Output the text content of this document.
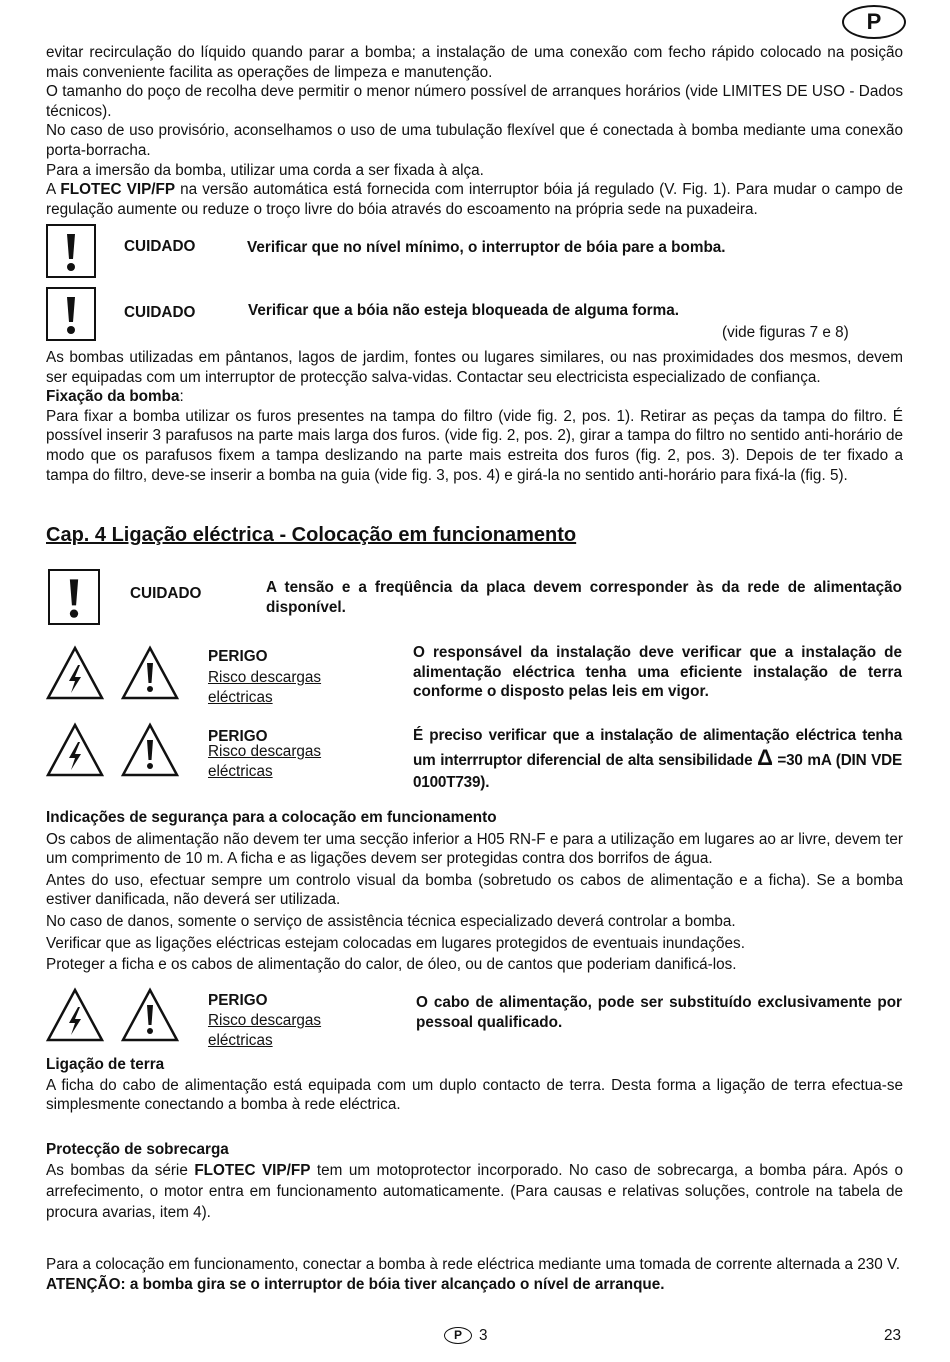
P

evitar recirculação do líquido quando parar a bomba; a instalação de uma conexão com fecho rápido colocado na posição mais conveniente facilita as operações de limpeza e manutenção.

O tamanho do poço de recolha deve permitir o menor número possível de arranques horários (vide LIMITES DE USO - Dados técnicos).

No caso de uso provisório, aconselhamos o uso de uma tubulação flexível que é conectada à bomba mediante uma conexão porta-borracha.

Para a imersão da bomba, utilizar uma corda a ser fixada à alça.

A FLOTEC VIP/FP na versão automática está fornecida com interruptor bóia já regulado (V. Fig. 1). Para mudar o campo de regulação aumente ou reduze o troço livre do bóia através do escoamento na própria sede na puxadeira.

CUIDADO	Verificar que no nível mínimo, o interruptor de bóia pare a bomba.
CUIDADO	Verificar que a bóia não esteja bloqueada de alguma forma.
(vide figuras 7 e 8)

As bombas utilizadas em pântanos, lagos de jardim, fontes ou lugares similares, ou nas proximidades dos mesmos, devem ser equipadas com um interruptor de protecção salva-vidas. Contactar seu electricista especializado de confiança.

Fixação da bomba:

Para fixar a bomba utilizar os furos presentes na tampa do filtro (vide fig. 2, pos. 1). Retirar as peças da tampa do filtro. É possível inserir 3 parafusos na parte mais larga dos furos. (vide fig. 2, pos. 2), girar a tampa do filtro no sentido anti-horário de modo que os parafusos fixem a tampa deslizando na parte mais estreita dos furos (fig. 2, pos. 3). Depois de ter fixado a tampa do filtro, deve-se inserir a bomba na guia (vide fig. 3, pos. 4) e girá-la no sentido anti-horário para fixá-la (fig. 5).

Cap. 4 Ligação eléctrica - Colocação em funcionamento
CUIDADO	A tensão e a freqüência da placa devem corresponder às da rede de alimentação disponível.
PERIGO
Risco descargas eléctricas
O responsável da instalação deve verificar que a instalação de alimentação eléctrica tenha uma eficiente instalação de terra conforme o disposto pelas leis em vigor.
PERIGO
Risco descargas eléctricas
É preciso verificar que a instalação de alimentação eléctrica tenha um interrruptor diferencial de alta sensibilidade Δ =30 mA (DIN VDE 0100T739).

Indicações de segurança para a colocação em funcionamento

Os cabos de alimentação não devem ter uma secção inferior a H05 RN-F e para a utilização em lugares ao ar livre, devem ter um comprimento de 10 m. A ficha e as ligações devem ser protegidas contra dos borrifos de água.

Antes do uso, efectuar sempre um controlo visual da bomba (sobretudo os cabos de alimentação e a ficha). Se a bomba estiver danificada, não deverá ser utilizada.

No caso de danos, somente o serviço de assistência técnica especializado deverá controlar a bomba.

Verificar que as ligações eléctricas estejam colocadas em lugares protegidos de eventuais inundações.

Proteger a ficha e os cabos de alimentação do calor, de óleo, ou de cantos que poderiam danificá-los.

PERIGO
Risco descargas eléctricas
O cabo de alimentação, pode ser substituído exclusivamente por pessoal qualificado.

Ligação de terra

A ficha do cabo de alimentação está equipada com um duplo contacto de terra. Desta forma a ligação de terra efectua-se simplesmente conectando a bomba à rede eléctrica.

Protecção de sobrecarga

As bombas da série FLOTEC VIP/FP tem um motoprotector incorporado. No caso de sobrecarga, a bomba pára. Após o arrefecimento, o motor entra em funcionamento automaticamente. (Para causas e relativas soluções, controle na tabela de procura avarias, item 4).

Para a colocação em funcionamento, conectar a bomba à rede eléctrica mediante uma tomada de corrente alternada a 230 V.

ATENÇÃO: a bomba gira se o interruptor de bóia tiver alcançado o nível de arranque.

P	3	23
